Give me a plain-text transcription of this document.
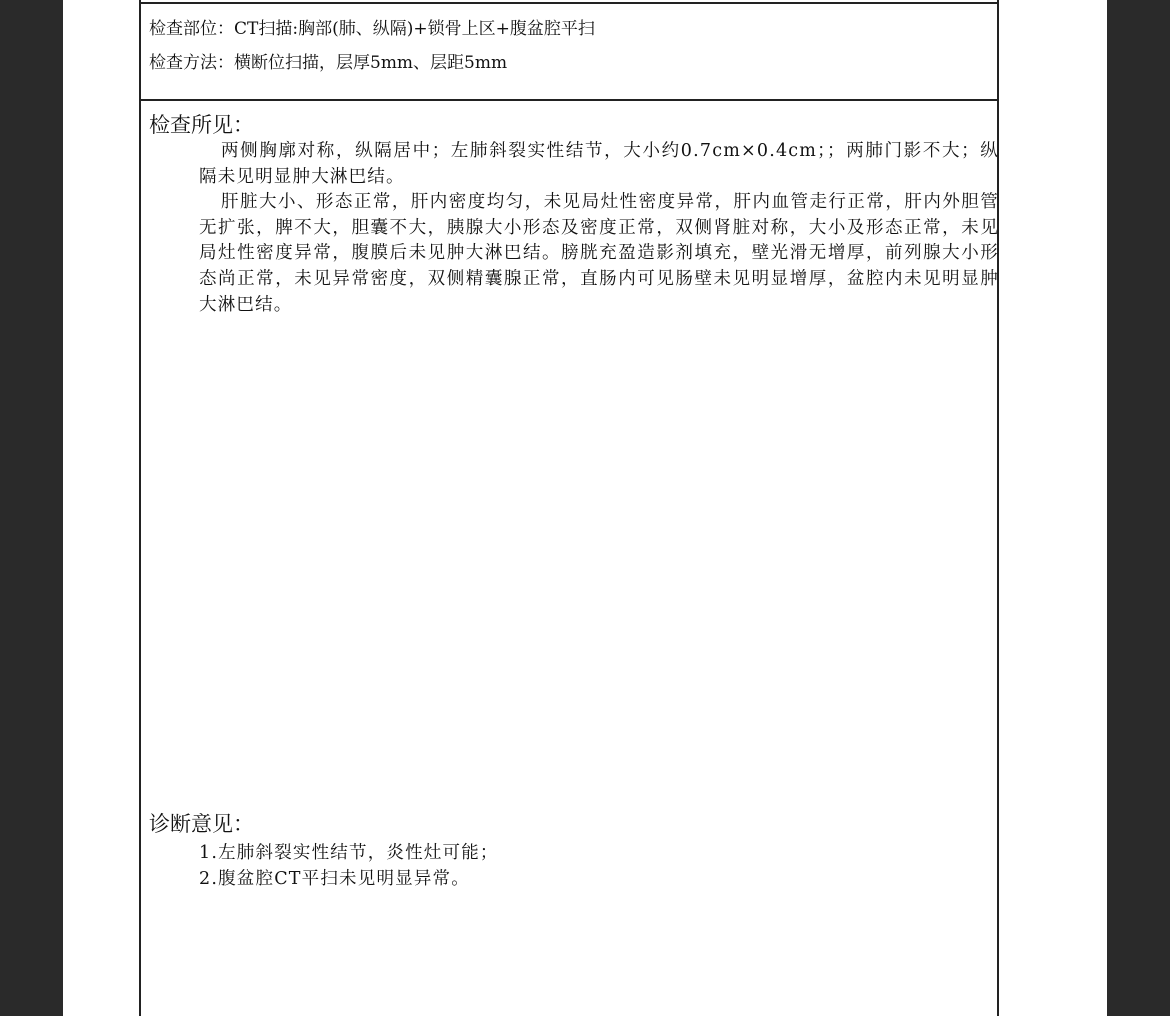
检查部位：CT扫描:胸部(肺、纵隔)+锁骨上区+腹盆腔平扫
检查方法：横断位扫描，层厚5mm、层距5mm
检查所见：

两侧胸廓对称，纵隔居中；左肺斜裂实性结节，大小约0.7cm×0.4cm；；两肺门影不大；纵隔未见明显肿大淋巴结。

肝脏大小、形态正常，肝内密度均匀，未见局灶性密度异常，肝内血管走行正常，肝内外胆管无扩张，脾不大，胆囊不大，胰腺大小形态及密度正常，双侧肾脏对称，大小及形态正常，未见局灶性密度异常，腹膜后未见肿大淋巴结。膀胱充盈造影剂填充，壁光滑无增厚，前列腺大小形态尚正常，未见异常密度，双侧精囊腺正常，直肠内可见肠壁未见明显增厚，盆腔内未见明显肿大淋巴结。

诊断意见：
1.左肺斜裂实性结节，炎性灶可能；
2.腹盆腔CT平扫未见明显异常。
